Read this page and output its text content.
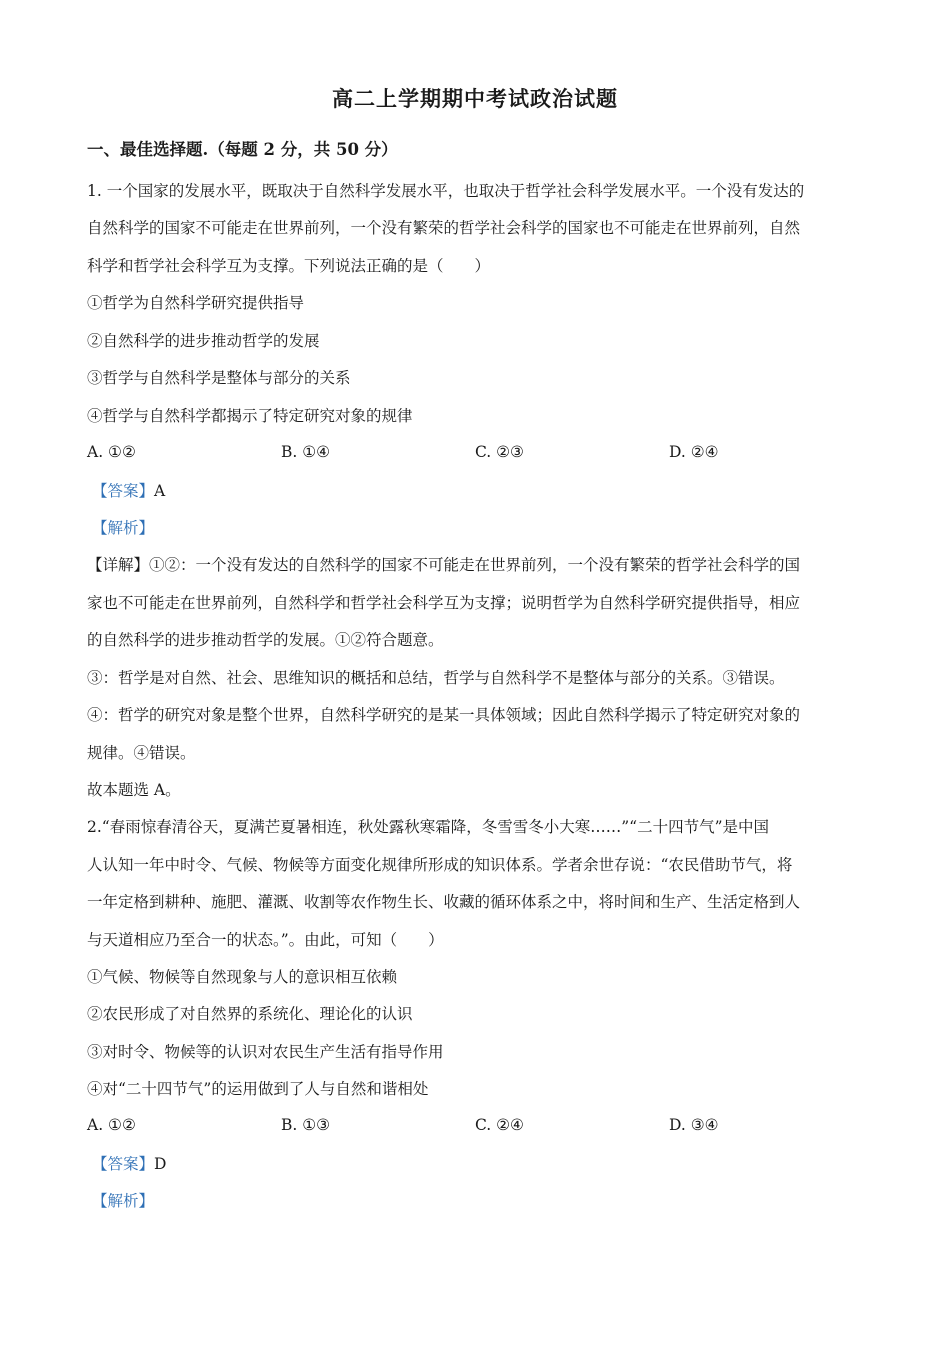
高二上学期期中考试政治试题
一、最佳选择题.（每题 2 分，共 50 分）
1. 一个国家的发展水平，既取决于自然科学发展水平，也取决于哲学社会科学发展水平。一个没有发达的
自然科学的国家不可能走在世界前列，一个没有繁荣的哲学社会科学的国家也不可能走在世界前列，自然
科学和哲学社会科学互为支撑。下列说法正确的是（　　）
①哲学为自然科学研究提供指导
②自然科学的进步推动哲学的发展
③哲学与自然科学是整体与部分的关系
④哲学与自然科学都揭示了特定研究对象的规律
A. ①②	B. ①④	C. ②③	D. ②④
【答案】A
【解析】
【详解】①②：一个没有发达的自然科学的国家不可能走在世界前列，一个没有繁荣的哲学社会科学的国
家也不可能走在世界前列，自然科学和哲学社会科学互为支撑；说明哲学为自然科学研究提供指导，相应
的自然科学的进步推动哲学的发展。①②符合题意。
③：哲学是对自然、社会、思维知识的概括和总结，哲学与自然科学不是整体与部分的关系。③错误。
④：哲学的研究对象是整个世界，自然科学研究的是某一具体领域；因此自然科学揭示了特定研究对象的
规律。④错误。
故本题选 A。
2.“春雨惊春清谷天，夏满芒夏暑相连，秋处露秋寒霜降，冬雪雪冬小大寒……”“二十四节气”是中国
人认知一年中时令、气候、物候等方面变化规律所形成的知识体系。学者余世存说：“农民借助节气，将
一年定格到耕种、施肥、灌溉、收割等农作物生长、收藏的循环体系之中，将时间和生产、生活定格到人
与天道相应乃至合一的状态。”。由此，可知（　　）
①气候、物候等自然现象与人的意识相互依赖
②农民形成了对自然界的系统化、理论化的认识
③对时令、物候等的认识对农民生产生活有指导作用
④对“二十四节气”的运用做到了人与自然和谐相处
A. ①②	B. ①③	C. ②④	D. ③④
【答案】D
【解析】
